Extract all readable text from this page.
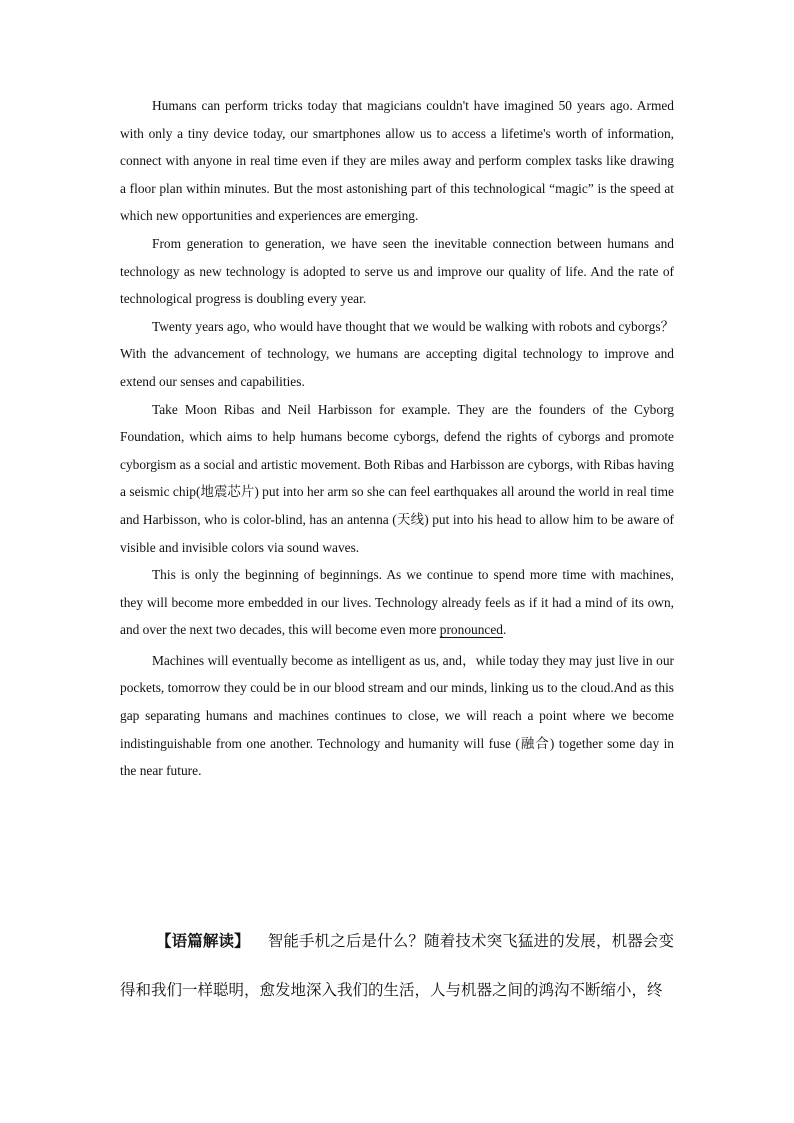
Humans can perform tricks today that magicians couldn't have imagined 50 years ago. Armed with only a tiny device today, our smartphones allow us to access a lifetime's worth of information, connect with anyone in real time even if they are miles away and perform complex tasks like drawing a floor plan within minutes. But the most astonishing part of this technological “magic” is the speed at which new opportunities and experiences are emerging.

From generation to generation, we have seen the inevitable connection between humans and technology as new technology is adopted to serve us and improve our quality of life. And the rate of technological progress is doubling every year.

Twenty years ago, who would have thought that we would be walking with robots and cyborgs？With the advancement of technology, we humans are accepting digital technology to improve and extend our senses and capabilities.

Take Moon Ribas and Neil Harbisson for example. They are the founders of the Cyborg Foundation, which aims to help humans become cyborgs, defend the rights of cyborgs and promote cyborgism as a social and artistic movement. Both Ribas and Harbisson are cyborgs, with Ribas having a seismic chip(地震芯片) put into her arm so she can feel earthquakes all around the world in real time and Harbisson, who is color-blind, has an antenna (天线) put into his head to allow him to be aware of visible and invisible colors via sound waves.

This is only the beginning of beginnings. As we continue to spend more time with machines, they will become more embedded in our lives. Technology already feels as if it had a mind of its own, and over the next two decades, this will become even more pronounced.

Machines will eventually become as intelligent as us, and，while today they may just live in our pockets, tomorrow they could be in our blood stream and our minds, linking us to the cloud.And as this gap separating humans and machines continues to close, we will reach a point where we become indistinguishable from one another. Technology and humanity will fuse (融合) together some day in the near future.

【语篇解读】 智能手机之后是什么？随着技术突飞猛进的发展，机器会变得和我们一样聪明，愈发地深入我们的生活，人与机器之间的鸿沟不断缩小，终
